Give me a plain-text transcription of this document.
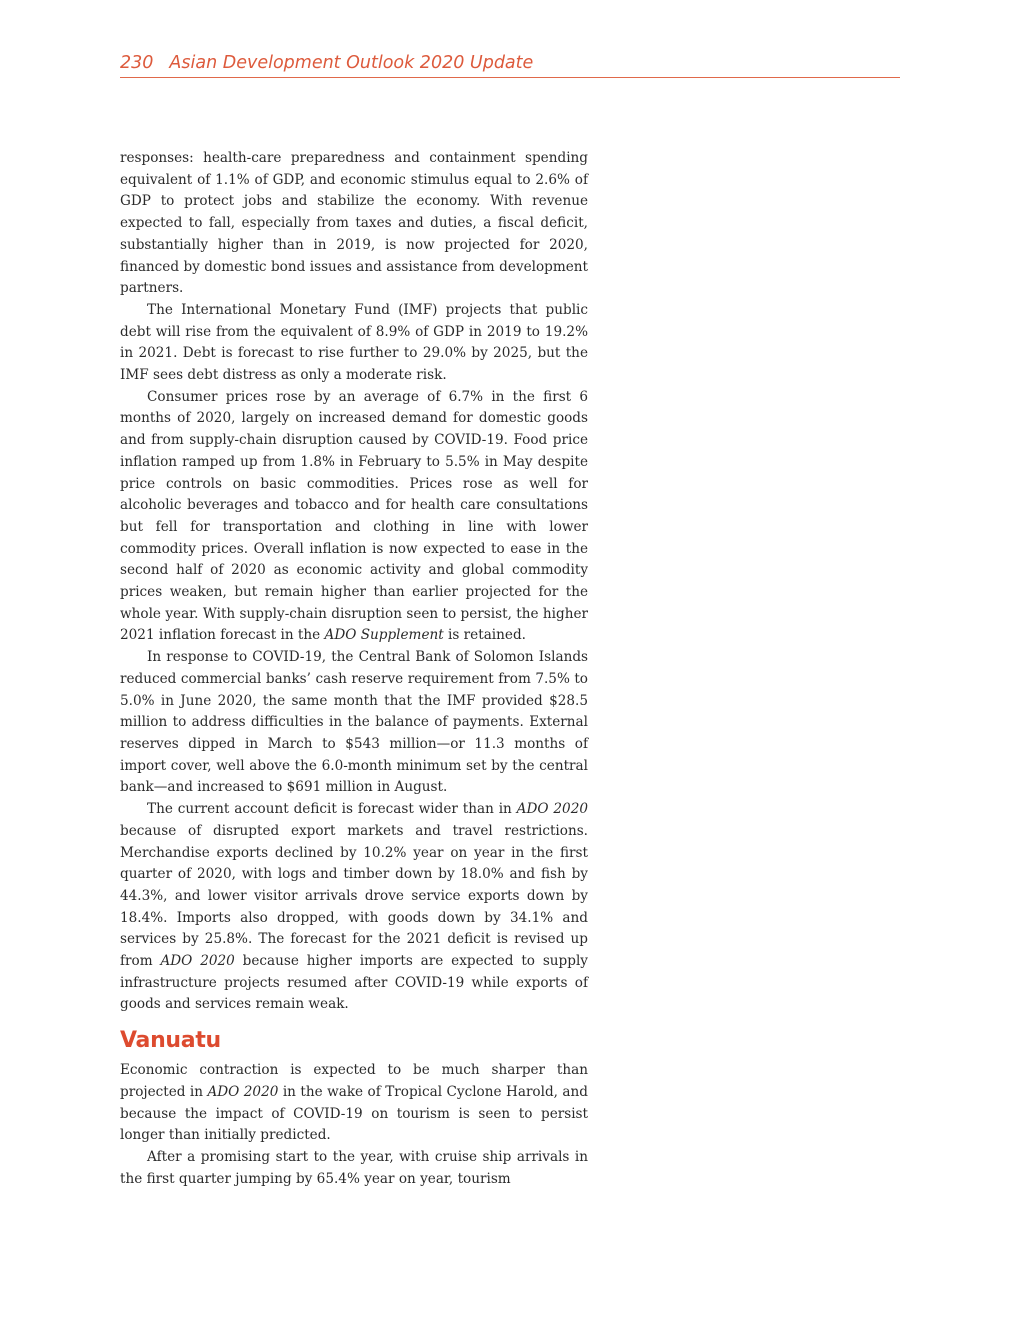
230 Asian Development Outlook 2020 Update

responses: health-care preparedness and containment spending equivalent of 1.1% of GDP, and economic stimulus equal to 2.6% of GDP to protect jobs and stabilize the economy. With revenue expected to fall, especially from taxes and duties, a fiscal deficit, substantially higher than in 2019, is now projected for 2020, financed by domestic bond issues and assistance from development partners.

The International Monetary Fund (IMF) projects that public debt will rise from the equivalent of 8.9% of GDP in 2019 to 19.2% in 2021. Debt is forecast to rise further to 29.0% by 2025, but the IMF sees debt distress as only a moderate risk.

Consumer prices rose by an average of 6.7% in the first 6 months of 2020, largely on increased demand for domestic goods and from supply-chain disruption caused by COVID-19. Food price inflation ramped up from 1.8% in February to 5.5% in May despite price controls on basic commodities. Prices rose as well for alcoholic beverages and tobacco and for health care consultations but fell for transportation and clothing in line with lower commodity prices. Overall inflation is now expected to ease in the second half of 2020 as economic activity and global commodity prices weaken, but remain higher than earlier projected for the whole year. With supply-chain disruption seen to persist, the higher 2021 inflation forecast in the ADO Supplement is retained.

In response to COVID-19, the Central Bank of Solomon Islands reduced commercial banks’ cash reserve requirement from 7.5% to 5.0% in June 2020, the same month that the IMF provided $28.5 million to address difficulties in the balance of payments. External reserves dipped in March to $543 million—or 11.3 months of import cover, well above the 6.0-month minimum set by the central bank—and increased to $691 million in August.

The current account deficit is forecast wider than in ADO 2020 because of disrupted export markets and travel restrictions. Merchandise exports declined by 10.2% year on year in the first quarter of 2020, with logs and timber down by 18.0% and fish by 44.3%, and lower visitor arrivals drove service exports down by 18.4%. Imports also dropped, with goods down by 34.1% and services by 25.8%. The forecast for the 2021 deficit is revised up from ADO 2020 because higher imports are expected to supply infrastructure projects resumed after COVID-19 while exports of goods and services remain weak.

Vanuatu

Economic contraction is expected to be much sharper than projected in ADO 2020 in the wake of Tropical Cyclone Harold, and because the impact of COVID-19 on tourism is seen to persist longer than initially predicted.

After a promising start to the year, with cruise ship arrivals in the first quarter jumping by 65.4% year on year, tourism
